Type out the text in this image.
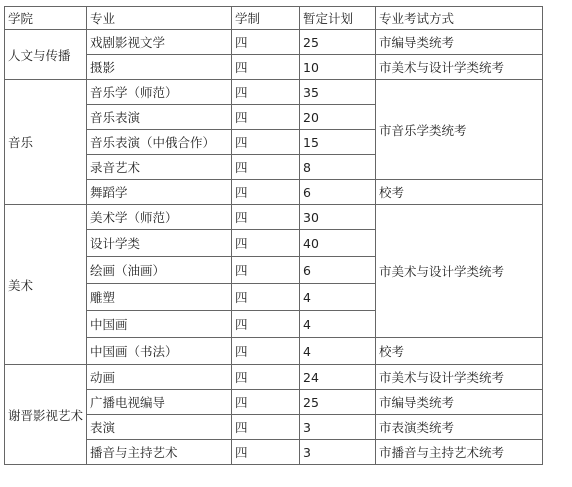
学院	专业	学制	暂定计划	专业考试方式
人文与传播	戏剧影视文学	四	25	市编导类统考
	摄影	四	10	市美术与设计学类统考
音乐	音乐学（师范）	四	35	市音乐学类统考
	音乐表演	四	20	
	音乐表演（中俄合作）	四	15	
	录音艺术	四	8	
	舞蹈学	四	6	校考
美术	美术学（师范）	四	30	市美术与设计学类统考
	设计学类	四	40	
	绘画（油画）	四	6	
	雕塑	四	4	
	中国画	四	4	
	中国画（书法）	四	4	校考
谢晋影视艺术	动画	四	24	市美术与设计学类统考
	广播电视编导	四	25	市编导类统考
	表演	四	3	市表演类统考
	播音与主持艺术	四	3	市播音与主持艺术统考
